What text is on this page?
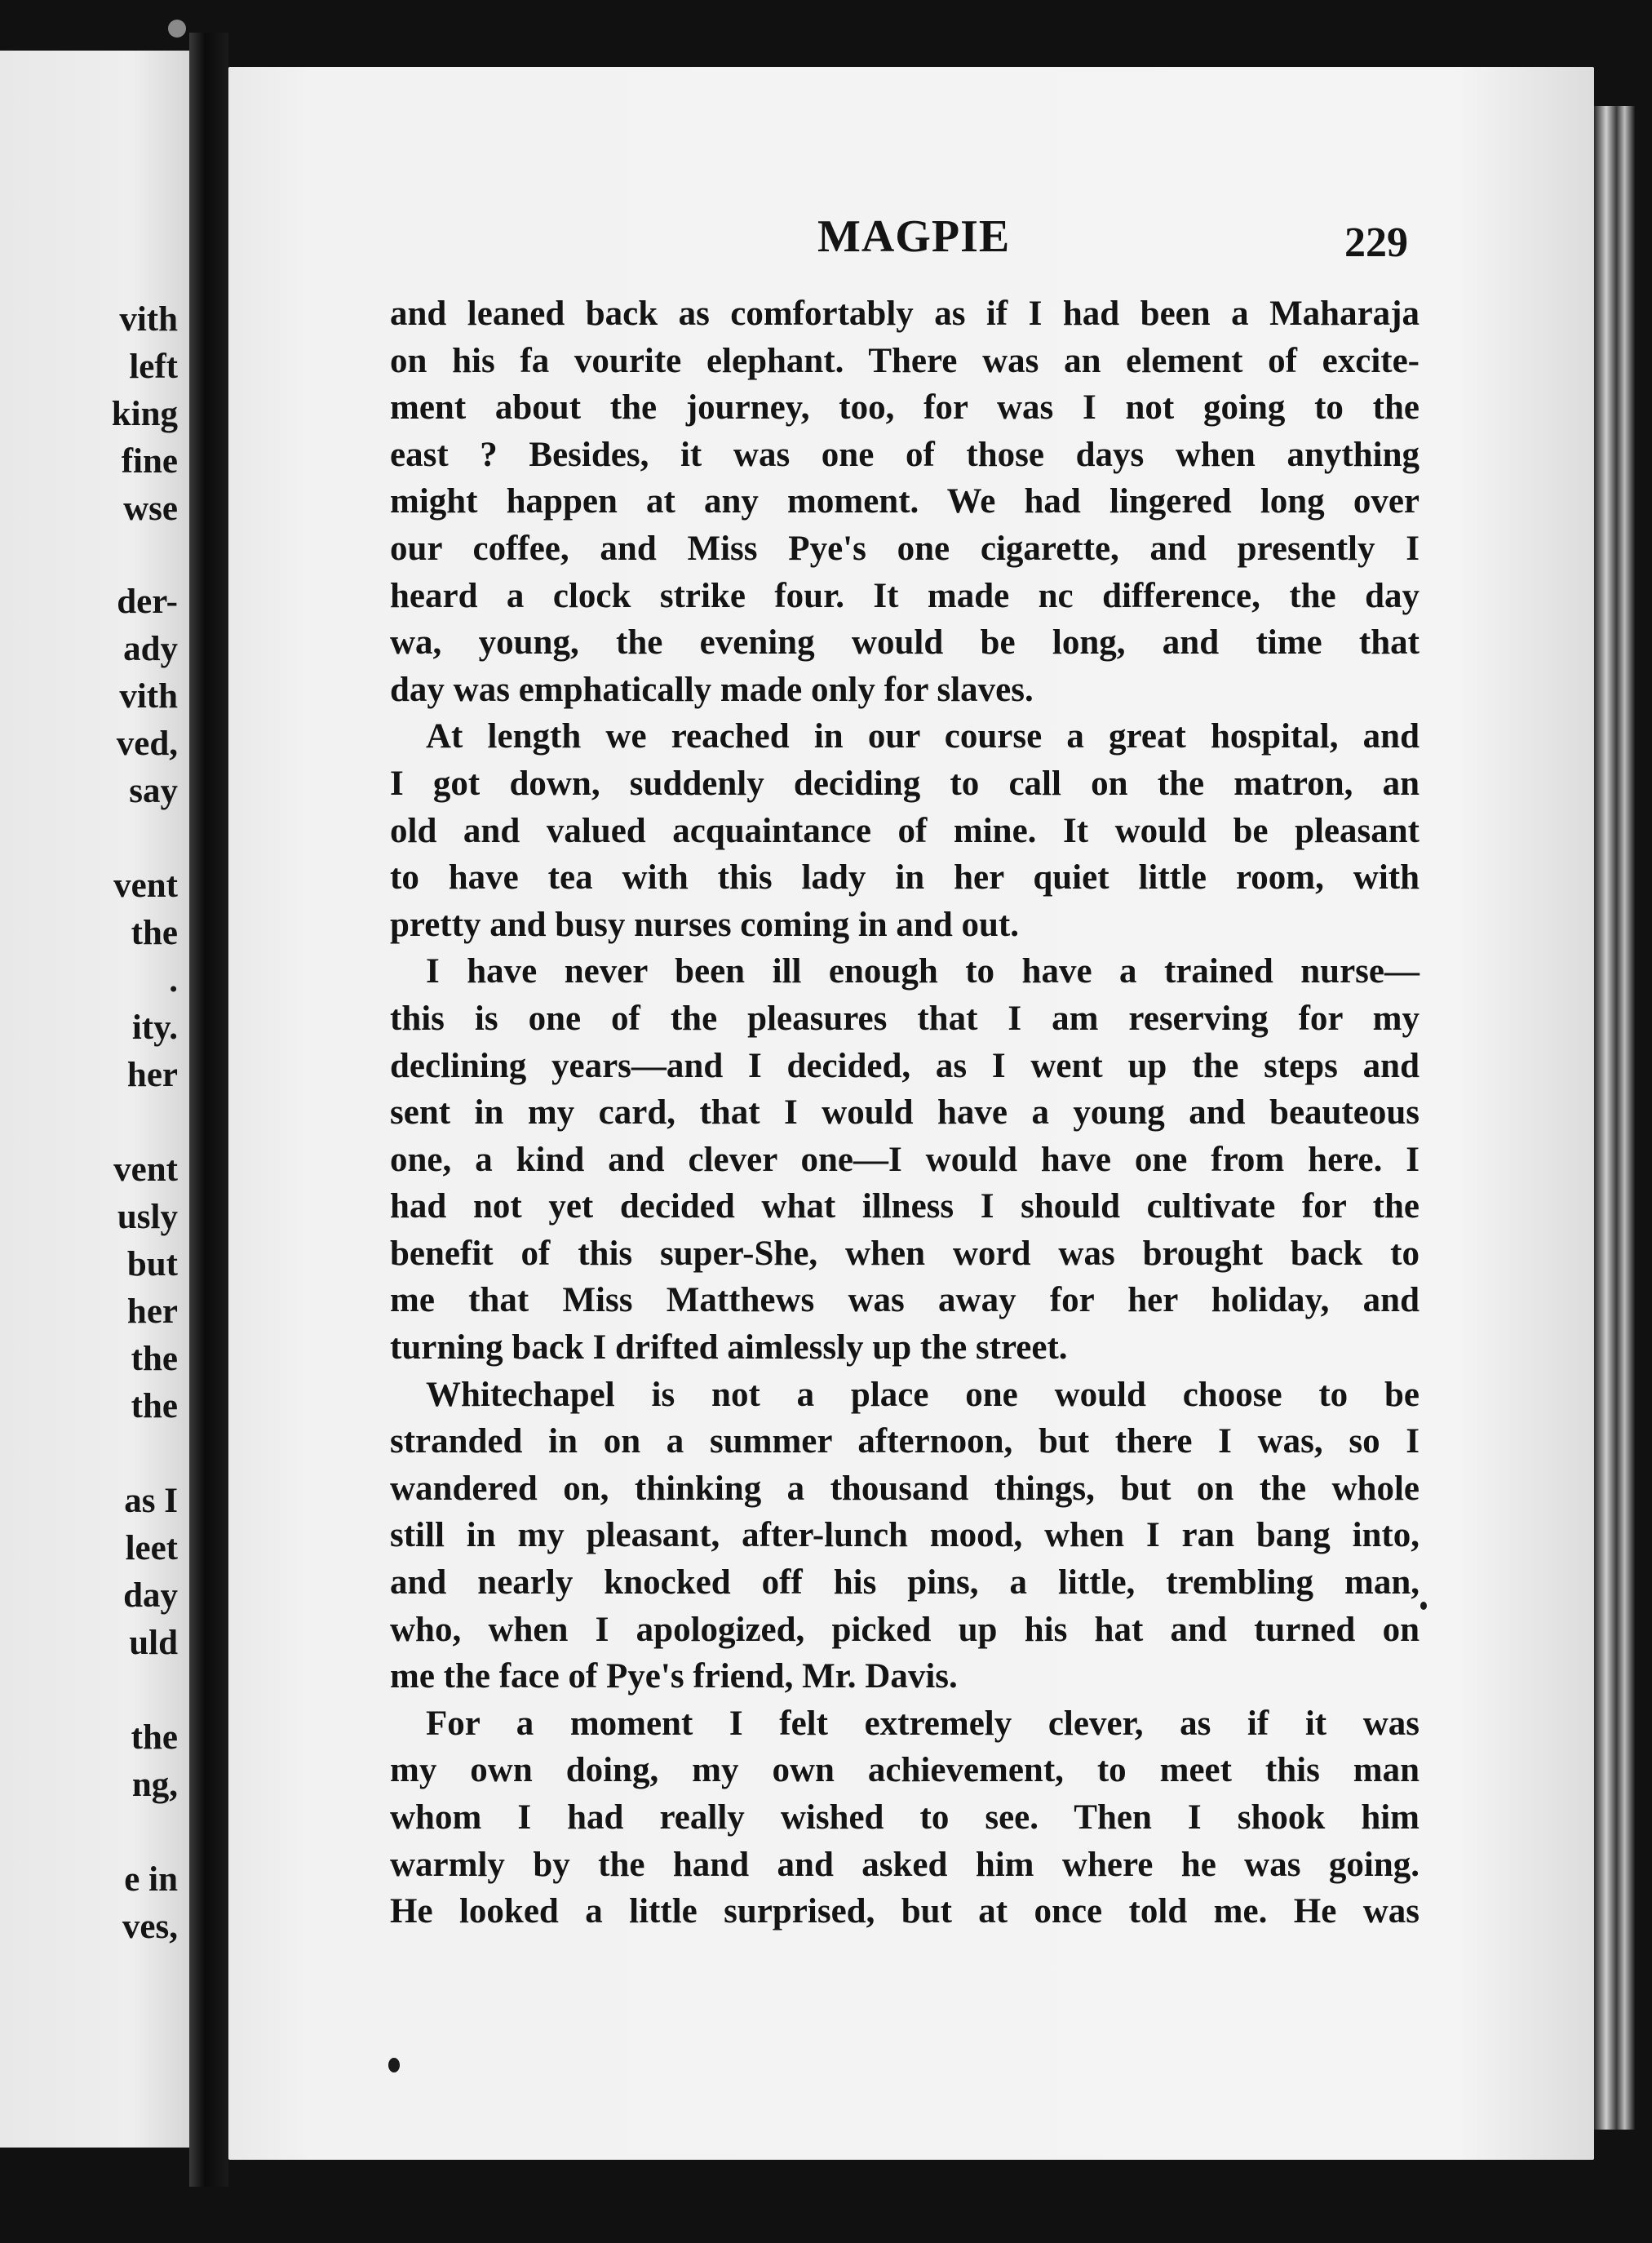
vith
left
king
fine
wse
der-
ady
vith
ved,
say
vent
the
.
ity.
her
vent
usly
but
her
the
the
as I
leet
day
uld
the
ng,
e in
ves,
MAGPIE	229
and leaned back as comfortably as if I had been a Maharaja
on his fa vourite elephant. There was an element of excite-
ment about the journey, too, for was I not going to the
east ? Besides, it was one of those days when anything
might happen at any moment. We had lingered long over
our coffee, and Miss Pye's one cigarette, and presently I
heard a clock strike four. It made nc difference, the day
wa, young, the evening would be long, and time that
day was emphatically made only for slaves.
At length we reached in our course a great hospital, and
I got down, suddenly deciding to call on the matron, an
old and valued acquaintance of mine. It would be pleasant
to have tea with this lady in her quiet little room, with
pretty and busy nurses coming in and out.
I have never been ill enough to have a trained nurse—
this is one of the pleasures that I am reserving for my
declining years—and I decided, as I went up the steps and
sent in my card, that I would have a young and beauteous
one, a kind and clever one—I would have one from here. I
had not yet decided what illness I should cultivate for the
benefit of this super-She, when word was brought back to
me that Miss Matthews was away for her holiday, and
turning back I drifted aimlessly up the street.
Whitechapel is not a place one would choose to be
stranded in on a summer afternoon, but there I was, so I
wandered on, thinking a thousand things, but on the whole
still in my pleasant, after-lunch mood, when I ran bang into,
and nearly knocked off his pins, a little, trembling man,
who, when I apologized, picked up his hat and turned on
me the face of Pye's friend, Mr. Davis.
For a moment I felt extremely clever, as if it was
my own doing, my own achievement, to meet this man
whom I had really wished to see. Then I shook him
warmly by the hand and asked him where he was going.
He looked a little surprised, but at once told me. He was
